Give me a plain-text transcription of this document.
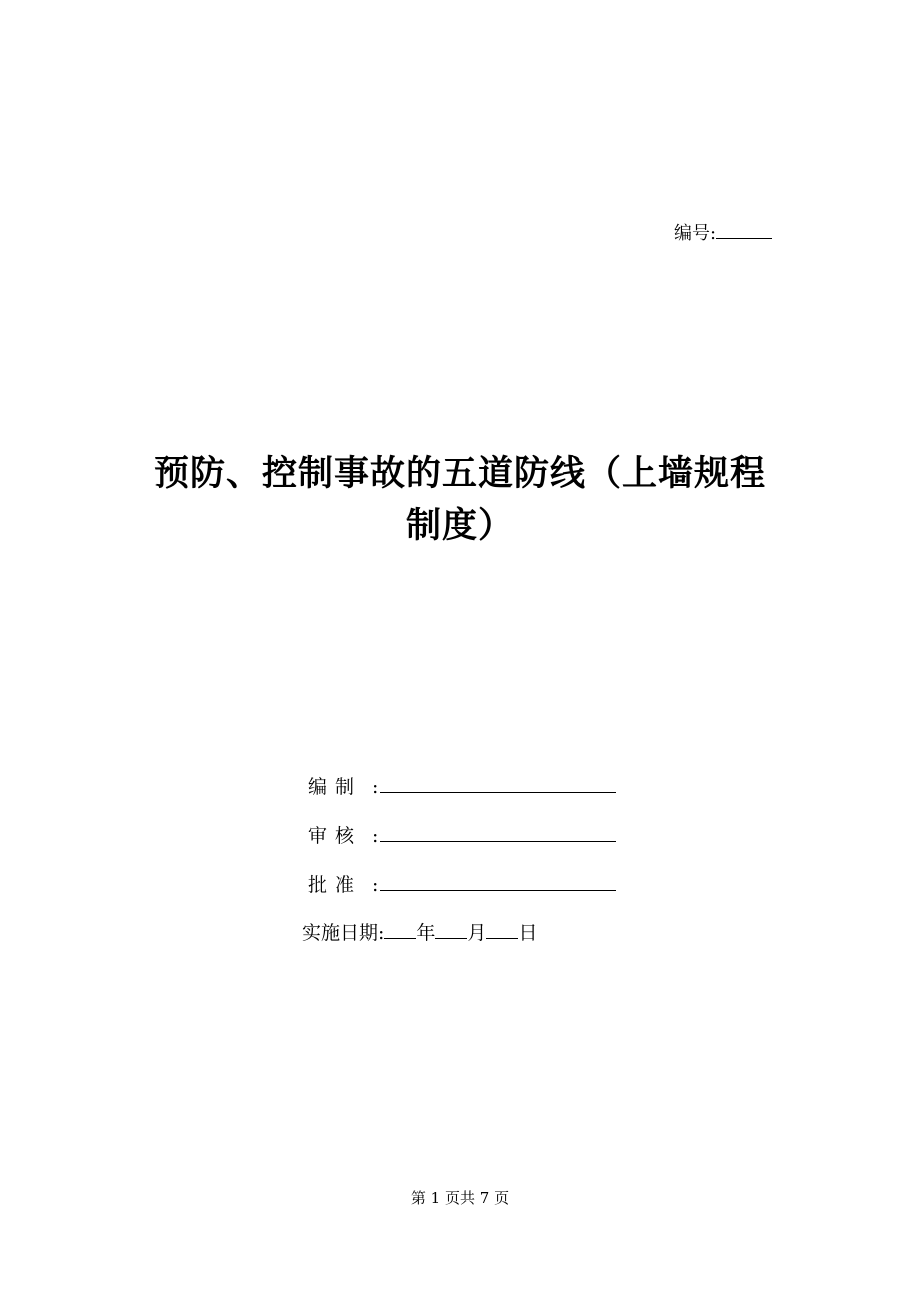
编号:
预防、控制事故的五道防线（上墙规程
制度）
编制 :
审核 :
批准 :
实施日期: 年 月 日
第 1 页共 7 页
